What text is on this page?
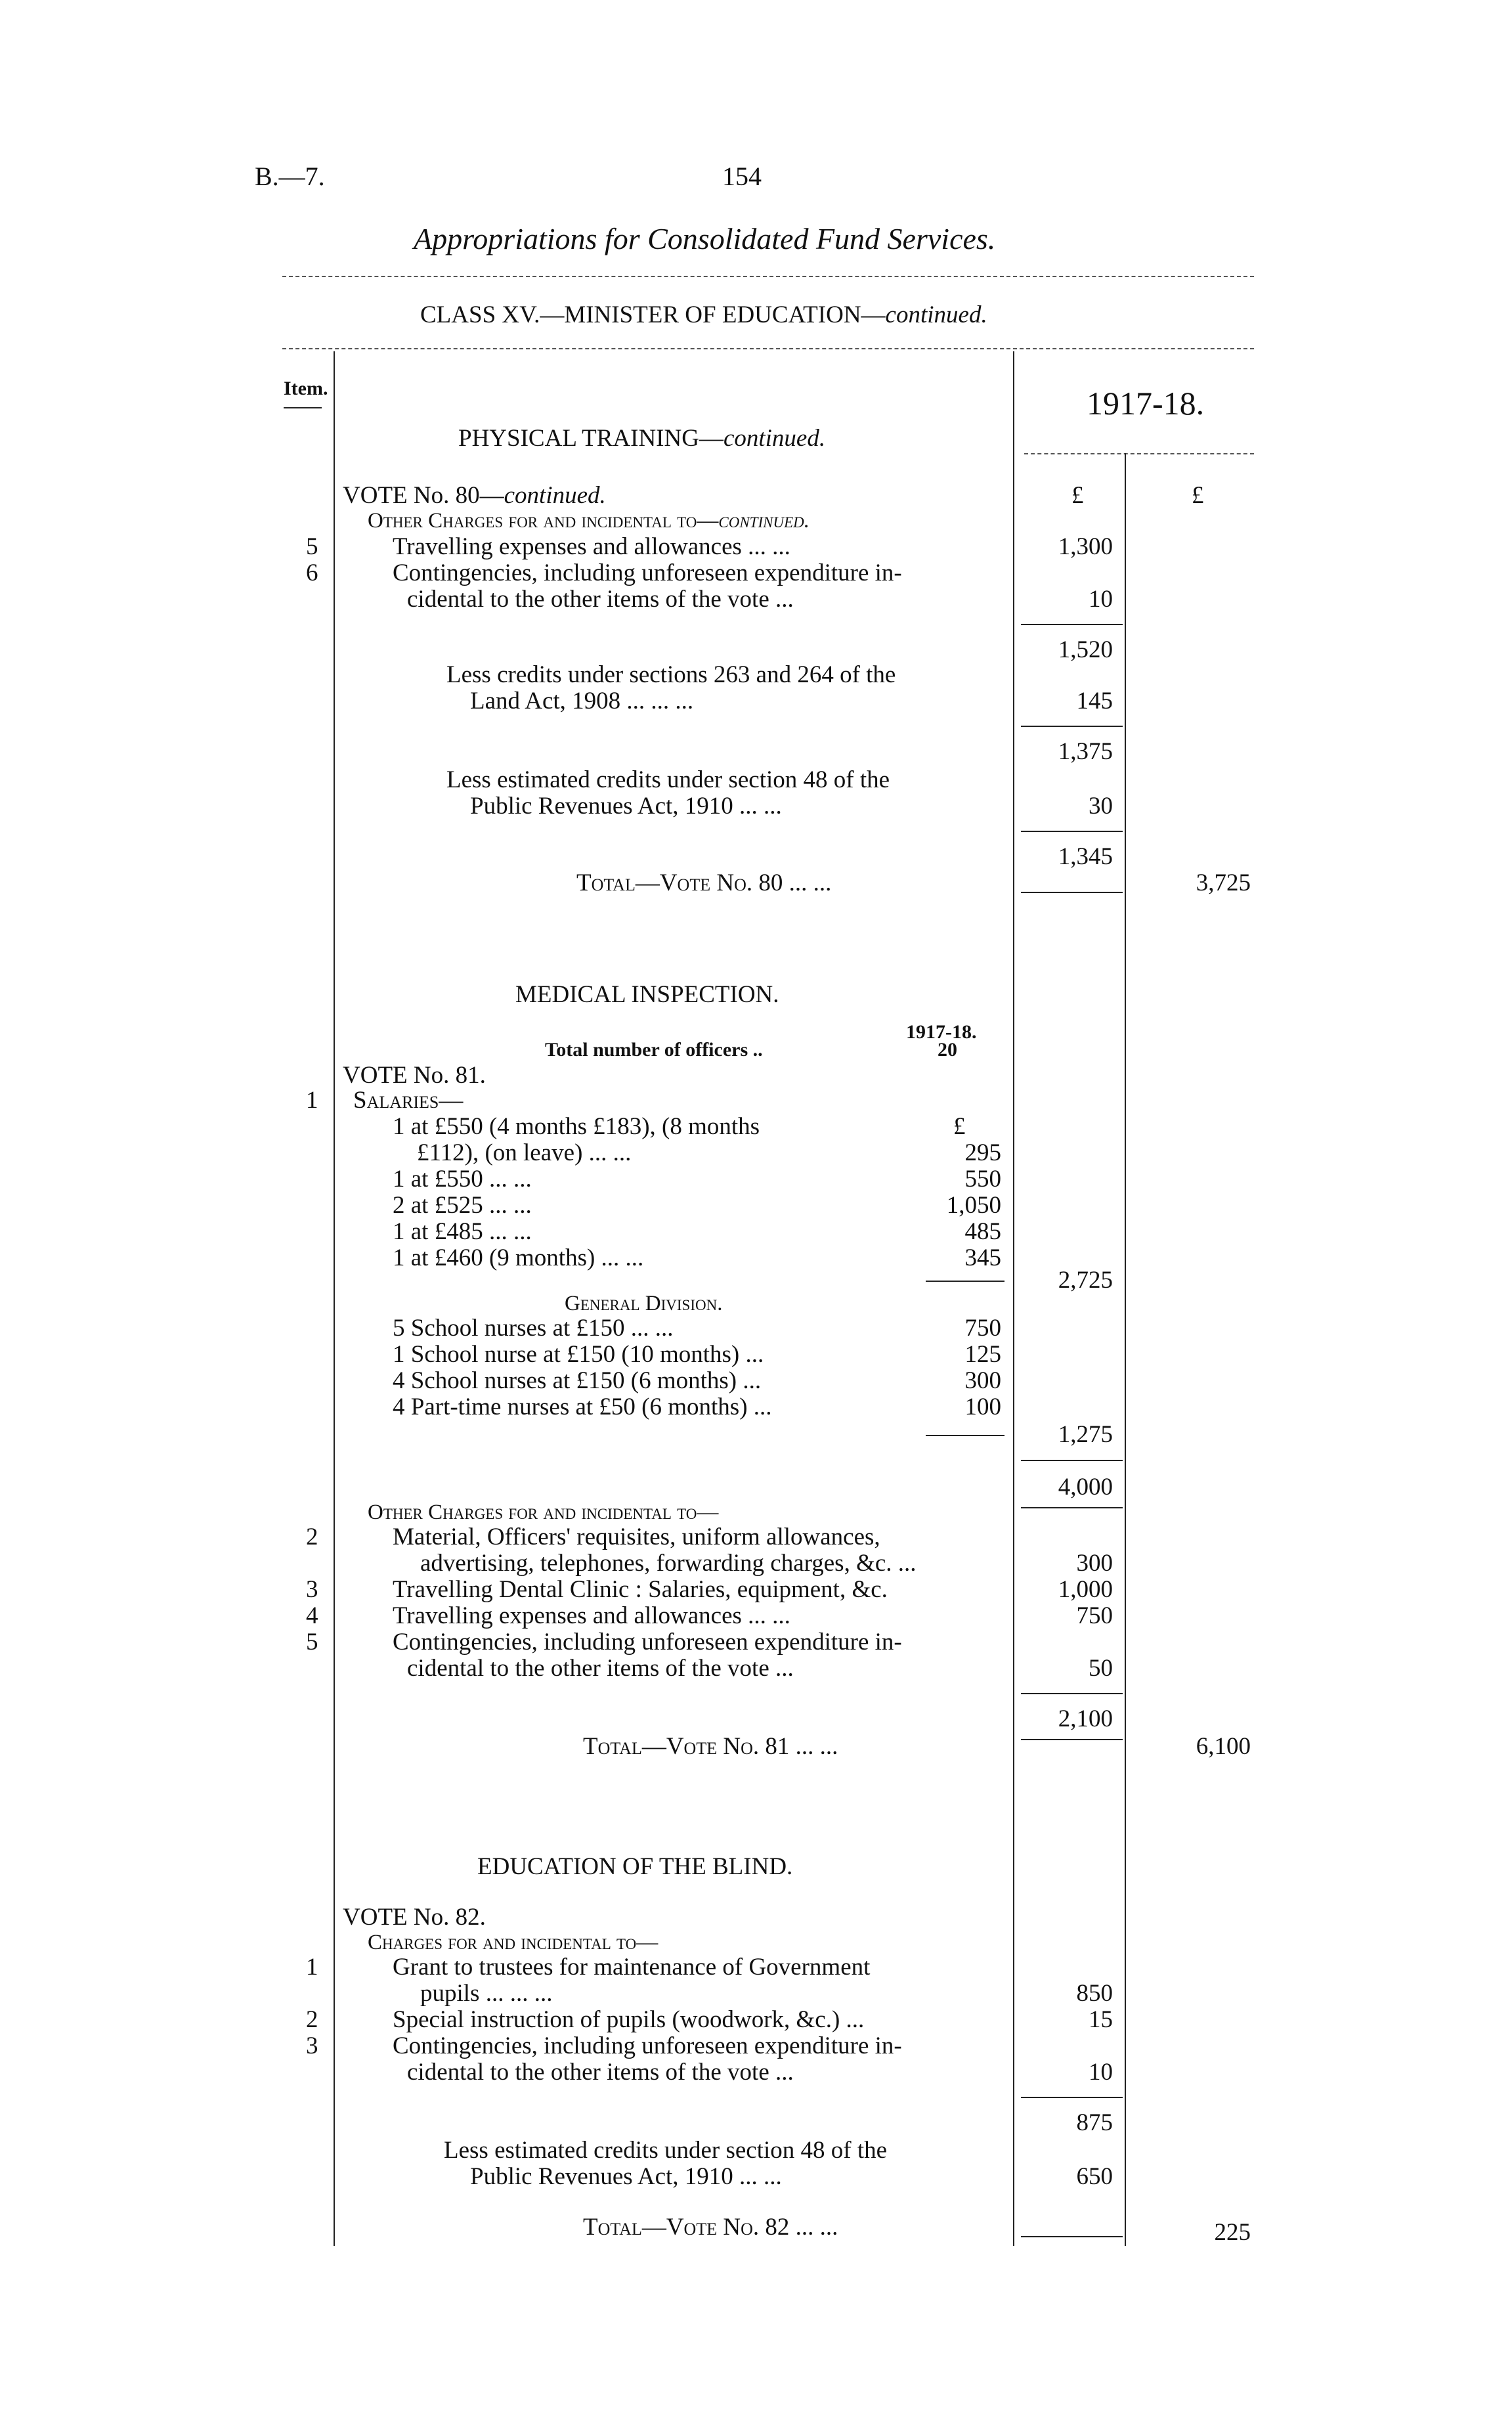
B.—7.	154
Appropriations for Consolidated Fund Services.
CLASS XV.—MINISTER OF EDUCATION—continued.
Item.	1917-18.
PHYSICAL TRAINING—continued.
VOTE No. 80—continued.	£	£
Other Charges for and incidental to—continued.
5	Travelling expenses and allowances ... ...	1,300
6	Contingencies, including unforeseen expenditure in-
cidental to the other items of the vote ...	10
1,520
Less credits under sections 263 and 264 of the
Land Act, 1908 ... ... ...	145
1,375
Less estimated credits under section 48 of the
Public Revenues Act, 1910 ... ...	30
1,345
Total—Vote No. 80 ... ...	3,725
MEDICAL INSPECTION.
1917-18.
Total number of officers ..	20
VOTE No. 81.
1 Salaries—
1 at £550 (4 months £183), (8 months	£
£112), (on leave) ... ...	295
1 at £550 ... ...	550
2 at £525 ... ...	1,050
1 at £485 ... ...	485
1 at £460 (9 months) ... ...	345
2,725
General Division.
5 School nurses at £150 ... ...	750
1 School nurse at £150 (10 months) ...	125
4 School nurses at £150 (6 months) ...	300
4 Part-time nurses at £50 (6 months) ...	100
1,275
4,000
Other Charges for and incidental to—
2	Material, Officers' requisites, uniform allowances,
advertising, telephones, forwarding charges, &c. ...	300
3	Travelling Dental Clinic : Salaries, equipment, &c.	1,000
4	Travelling expenses and allowances ... ...	750
5	Contingencies, including unforeseen expenditure in-
cidental to the other items of the vote ...	50
2,100
Total—Vote No. 81 ... ...	6,100
EDUCATION OF THE BLIND.
VOTE No. 82.
Charges for and incidental to—
1	Grant to trustees for maintenance of Government
pupils ... ... ...	850
2	Special instruction of pupils (woodwork, &c.) ...	15
3	Contingencies, including unforeseen expenditure in-
cidental to the other items of the vote ...	10
875
Less estimated credits under section 48 of the
Public Revenues Act, 1910 ... ...	650
Total—Vote No. 82 ... ...	225
